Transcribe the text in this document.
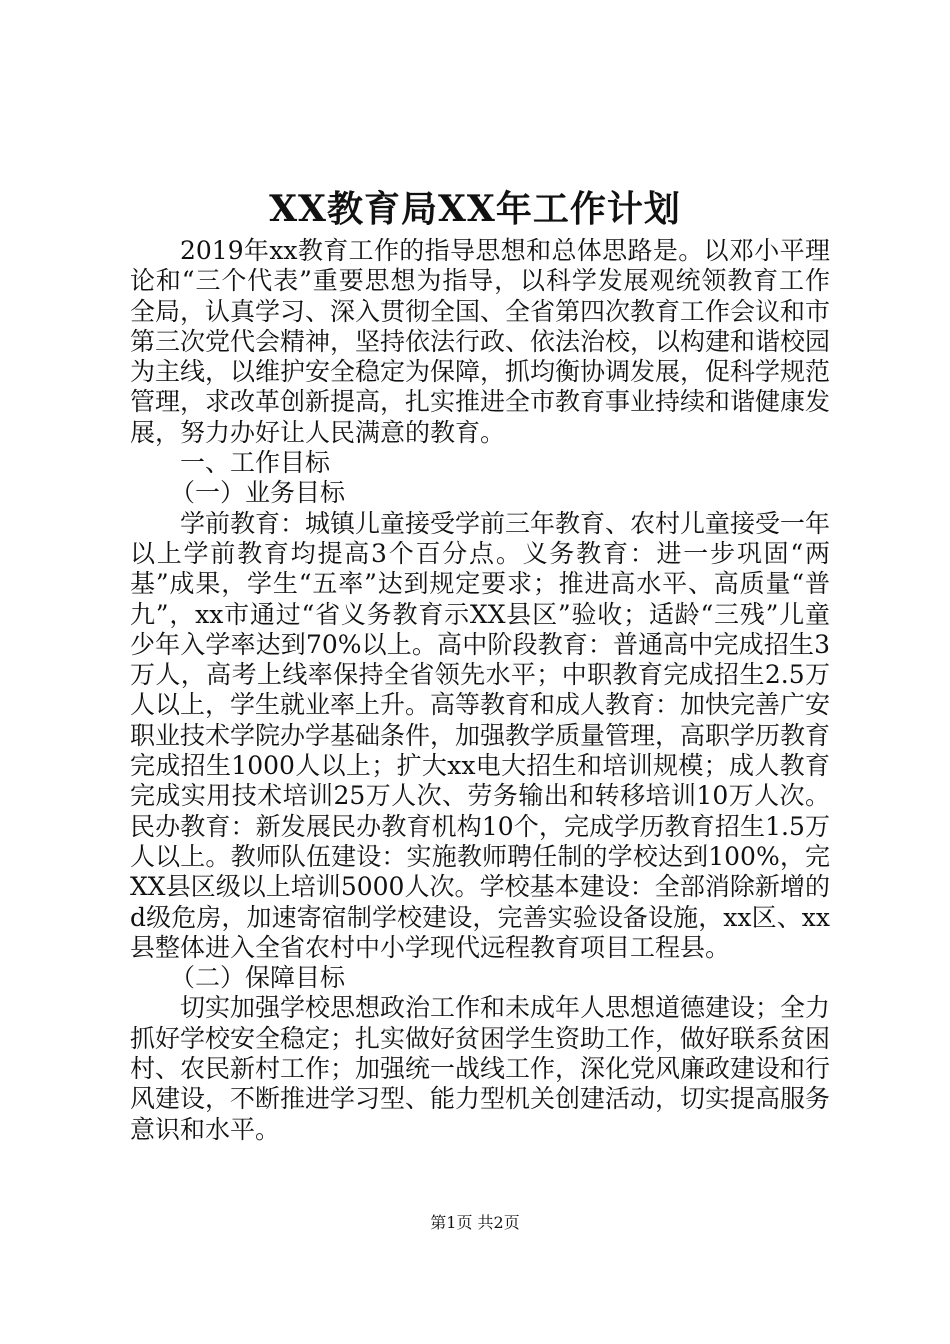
XX教育局XX年工作计划

2019年xx教育工作的指导思想和总体思路是。以邓小平理论和“三个代表”重要思想为指导，以科学发展观统领教育工作全局，认真学习、深入贯彻全国、全省第四次教育工作会议和市第三次党代会精神，坚持依法行政、依法治校，以构建和谐校园为主线，以维护安全稳定为保障，抓均衡协调发展，促科学规范管理，求改革创新提高，扎实推进全市教育事业持续和谐健康发展，努力办好让人民满意的教育。

一、工作目标

（一）业务目标

学前教育：城镇儿童接受学前三年教育、农村儿童接受一年以上学前教育均提高3个百分点。义务教育：进一步巩固“两基”成果，学生“五率”达到规定要求；推进高水平、高质量“普九”，xx市通过“省义务教育示XX县区”验收；适龄“三残”儿童少年入学率达到70%以上。高中阶段教育：普通高中完成招生3万人，高考上线率保持全省领先水平；中职教育完成招生2.5万人以上，学生就业率上升。高等教育和成人教育：加快完善广安职业技术学院办学基础条件，加强教学质量管理，高职学历教育完成招生1000人以上；扩大xx电大招生和培训规模；成人教育完成实用技术培训25万人次、劳务输出和转移培训10万人次。民办教育：新发展民办教育机构10个，完成学历教育招生1.5万人以上。教师队伍建设：实施教师聘任制的学校达到100%，完XX县区级以上培训5000人次。学校基本建设：全部消除新增的d级危房，加速寄宿制学校建设，完善实验设备设施，xx区、xx县整体进入全省农村中小学现代远程教育项目工程县。

（二）保障目标

切实加强学校思想政治工作和未成年人思想道德建设；全力抓好学校安全稳定；扎实做好贫困学生资助工作，做好联系贫困村、农民新村工作；加强统一战线工作，深化党风廉政建设和行风建设，不断推进学习型、能力型机关创建活动，切实提高服务意识和水平。

第1页 共2页
